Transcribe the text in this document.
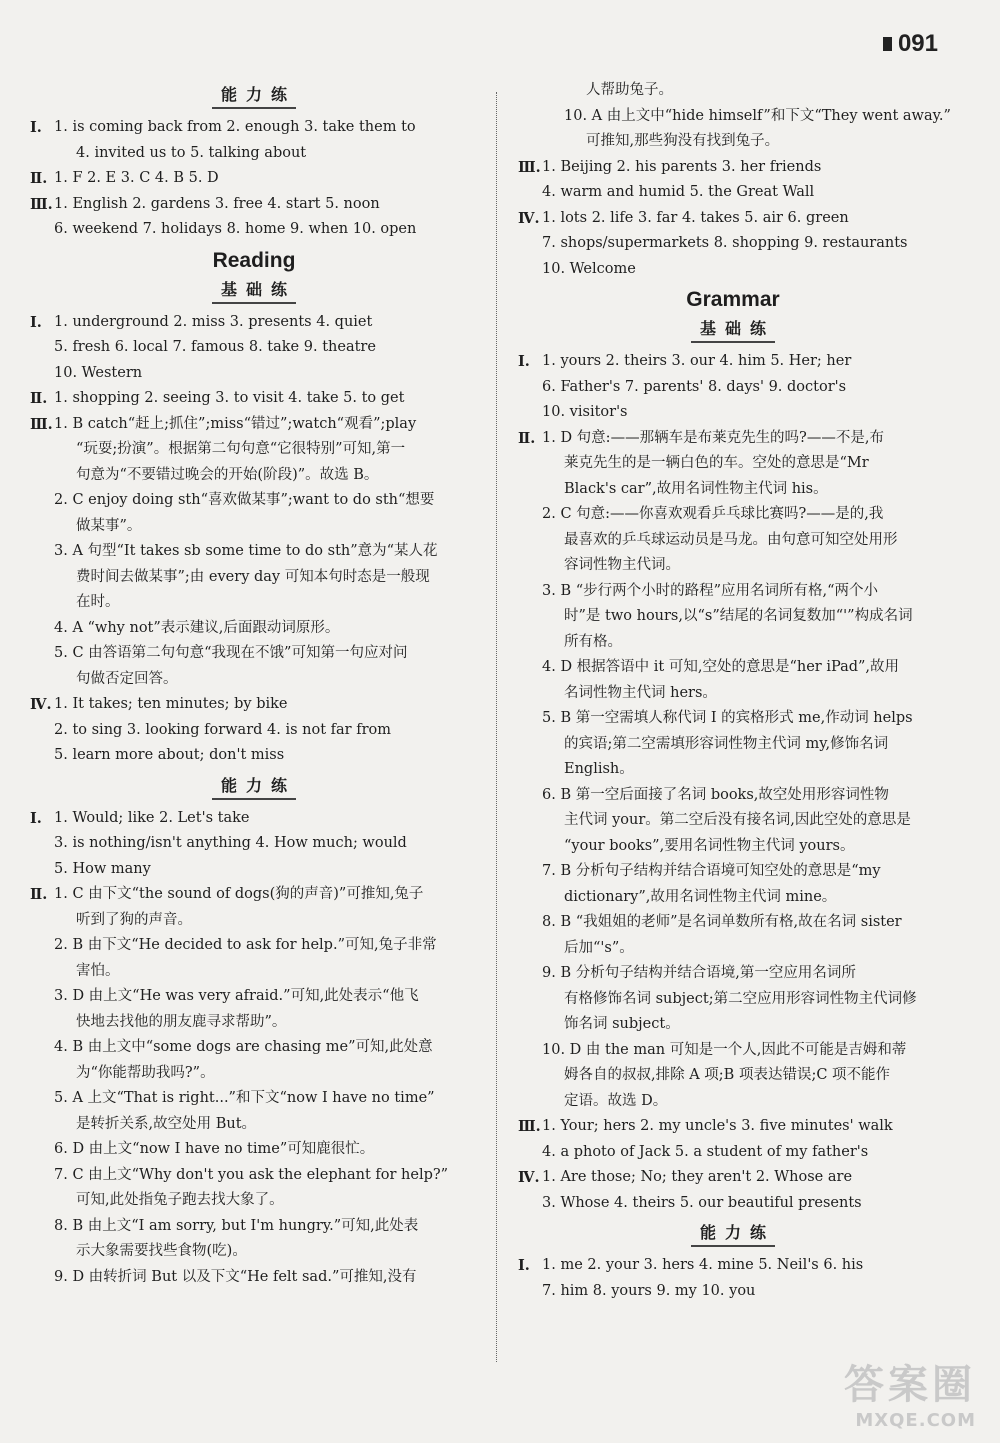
091
能力练
Ⅰ. 1. is coming back from 2. enough 3. take them to
4. invited us to 5. talking about
Ⅱ. 1. F 2. E 3. C 4. B 5. D
Ⅲ. 1. English 2. gardens 3. free 4. start 5. noon
6. weekend 7. holidays 8. home 9. when 10. open
Reading
基础练
Ⅰ. 1. underground 2. miss 3. presents 4. quiet
5. fresh 6. local 7. famous 8. take 9. theatre
10. Western
Ⅱ. 1. shopping 2. seeing 3. to visit 4. take 5. to get
Ⅲ. 1. B catch“赶上;抓住”;miss“错过”;watch“观看”;play
“玩耍;扮演”。根据第二句句意“它很特别”可知,第一
句意为“不要错过晚会的开始(阶段)”。故选 B。
2. C enjoy doing sth“喜欢做某事”;want to do sth“想要
做某事”。
3. A 句型“It takes sb some time to do sth”意为“某人花
费时间去做某事”;由 every day 可知本句时态是一般现
在时。
4. A “why not”表示建议,后面跟动词原形。
5. C 由答语第二句句意“我现在不饿”可知第一句应对问
句做否定回答。
Ⅳ. 1. It takes; ten minutes; by bike
2. to sing 3. looking forward 4. is not far from
5. learn more about; don't miss
能力练
Ⅰ. 1. Would; like 2. Let's take
3. is nothing/isn't anything 4. How much; would
5. How many
Ⅱ. 1. C 由下文“the sound of dogs(狗的声音)”可推知,兔子
听到了狗的声音。
2. B 由下文“He decided to ask for help.”可知,兔子非常
害怕。
3. D 由上文“He was very afraid.”可知,此处表示“他飞
快地去找他的朋友鹿寻求帮助”。
4. B 由上文中“some dogs are chasing me”可知,此处意
为“你能帮助我吗?”。
5. A 上文“That is right...”和下文“now I have no time”
是转折关系,故空处用 But。
6. D 由上文“now I have no time”可知鹿很忙。
7. C 由上文“Why don't you ask the elephant for help?”
可知,此处指兔子跑去找大象了。
8. B 由上文“I am sorry, but I'm hungry.”可知,此处表
示大象需要找些食物(吃)。
9. D 由转折词 But 以及下文“He felt sad.”可推知,没有
人帮助兔子。
10. A 由上文中“hide himself”和下文“They went away.”
可推知,那些狗没有找到兔子。
Ⅲ. 1. Beijing 2. his parents 3. her friends
4. warm and humid 5. the Great Wall
Ⅳ. 1. lots 2. life 3. far 4. takes 5. air 6. green
7. shops/supermarkets 8. shopping 9. restaurants
10. Welcome
Grammar
基础练
Ⅰ. 1. yours 2. theirs 3. our 4. him 5. Her; her
6. Father's 7. parents' 8. days' 9. doctor's
10. visitor's
Ⅱ. 1. D 句意:——那辆车是布莱克先生的吗?——不是,布
莱克先生的是一辆白色的车。空处的意思是“Mr
Black's car”,故用名词性物主代词 his。
2. C 句意:——你喜欢观看乒乓球比赛吗?——是的,我
最喜欢的乒乓球运动员是马龙。由句意可知空处用形
容词性物主代词。
3. B “步行两个小时的路程”应用名词所有格,“两个小
时”是 two hours,以“s”结尾的名词复数加“'”构成名词
所有格。
4. D 根据答语中 it 可知,空处的意思是“her iPad”,故用
名词性物主代词 hers。
5. B 第一空需填人称代词 I 的宾格形式 me,作动词 helps
的宾语;第二空需填形容词性物主代词 my,修饰名词
English。
6. B 第一空后面接了名词 books,故空处用形容词性物
主代词 your。第二空后没有接名词,因此空处的意思是
“your books”,要用名词性物主代词 yours。
7. B 分析句子结构并结合语境可知空处的意思是“my
dictionary”,故用名词性物主代词 mine。
8. B “我姐姐的老师”是名词单数所有格,故在名词 sister
后加“'s”。
9. B 分析句子结构并结合语境,第一空应用名词所
有格修饰名词 subject;第二空应用形容词性物主代词修
饰名词 subject。
10. D 由 the man 可知是一个人,因此不可能是吉姆和蒂
姆各自的叔叔,排除 A 项;B 项表达错误;C 项不能作
定语。故选 D。
Ⅲ. 1. Your; hers 2. my uncle's 3. five minutes' walk
4. a photo of Jack 5. a student of my father's
Ⅳ. 1. Are those; No; they aren't 2. Whose are
3. Whose 4. theirs 5. our beautiful presents
能力练
Ⅰ. 1. me 2. your 3. hers 4. mine 5. Neil's 6. his
7. him 8. yours 9. my 10. you
答案圈
MXQE.COM
